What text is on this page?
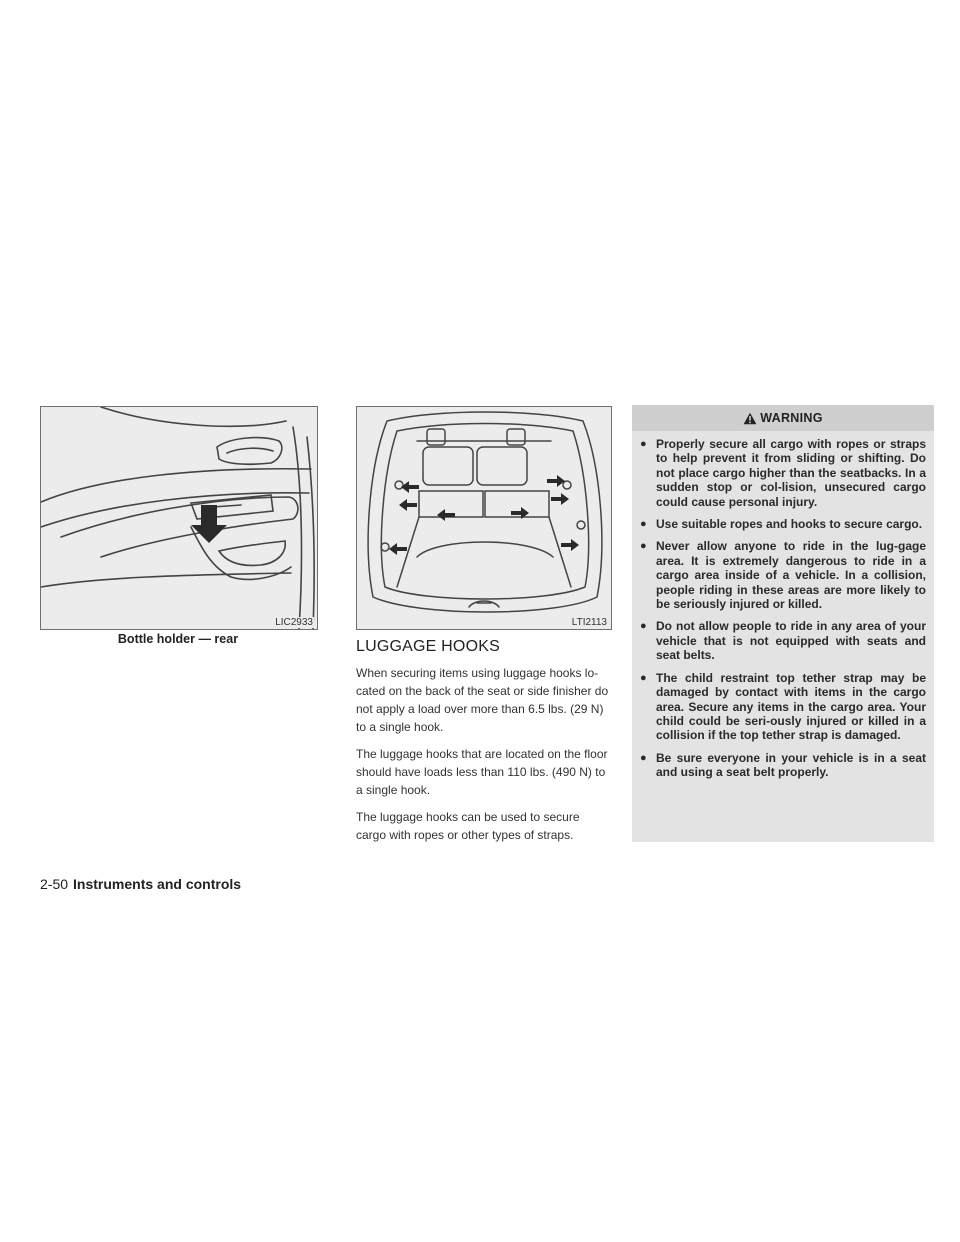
LIC2933
Bottle holder — rear
LTI2113
LUGGAGE HOOKS

When securing items using luggage hooks lo-cated on the back of the seat or side finisher do not apply a load over more than 6.5 lbs. (29 N) to a single hook.

The luggage hooks that are located on the floor should have loads less than 110 lbs. (490 N) to a single hook.

The luggage hooks can be used to secure cargo with ropes or other types of straps.

WARNING
● Properly secure all cargo with ropes or straps to help prevent it from sliding or shifting. Do not place cargo higher than the seatbacks. In a sudden stop or col-lision, unsecured cargo could cause personal injury.
● Use suitable ropes and hooks to secure cargo.
● Never allow anyone to ride in the lug-gage area. It is extremely dangerous to ride in a cargo area inside of a vehicle. In a collision, people riding in these areas are more likely to be seriously injured or killed.
● Do not allow people to ride in any area of your vehicle that is not equipped with seats and seat belts.
● The child restraint top tether strap may be damaged by contact with items in the cargo area. Secure any items in the cargo area. Your child could be seri-ously injured or killed in a collision if the top tether strap is damaged.
● Be sure everyone in your vehicle is in a seat and using a seat belt properly.
2-50 Instruments and controls
